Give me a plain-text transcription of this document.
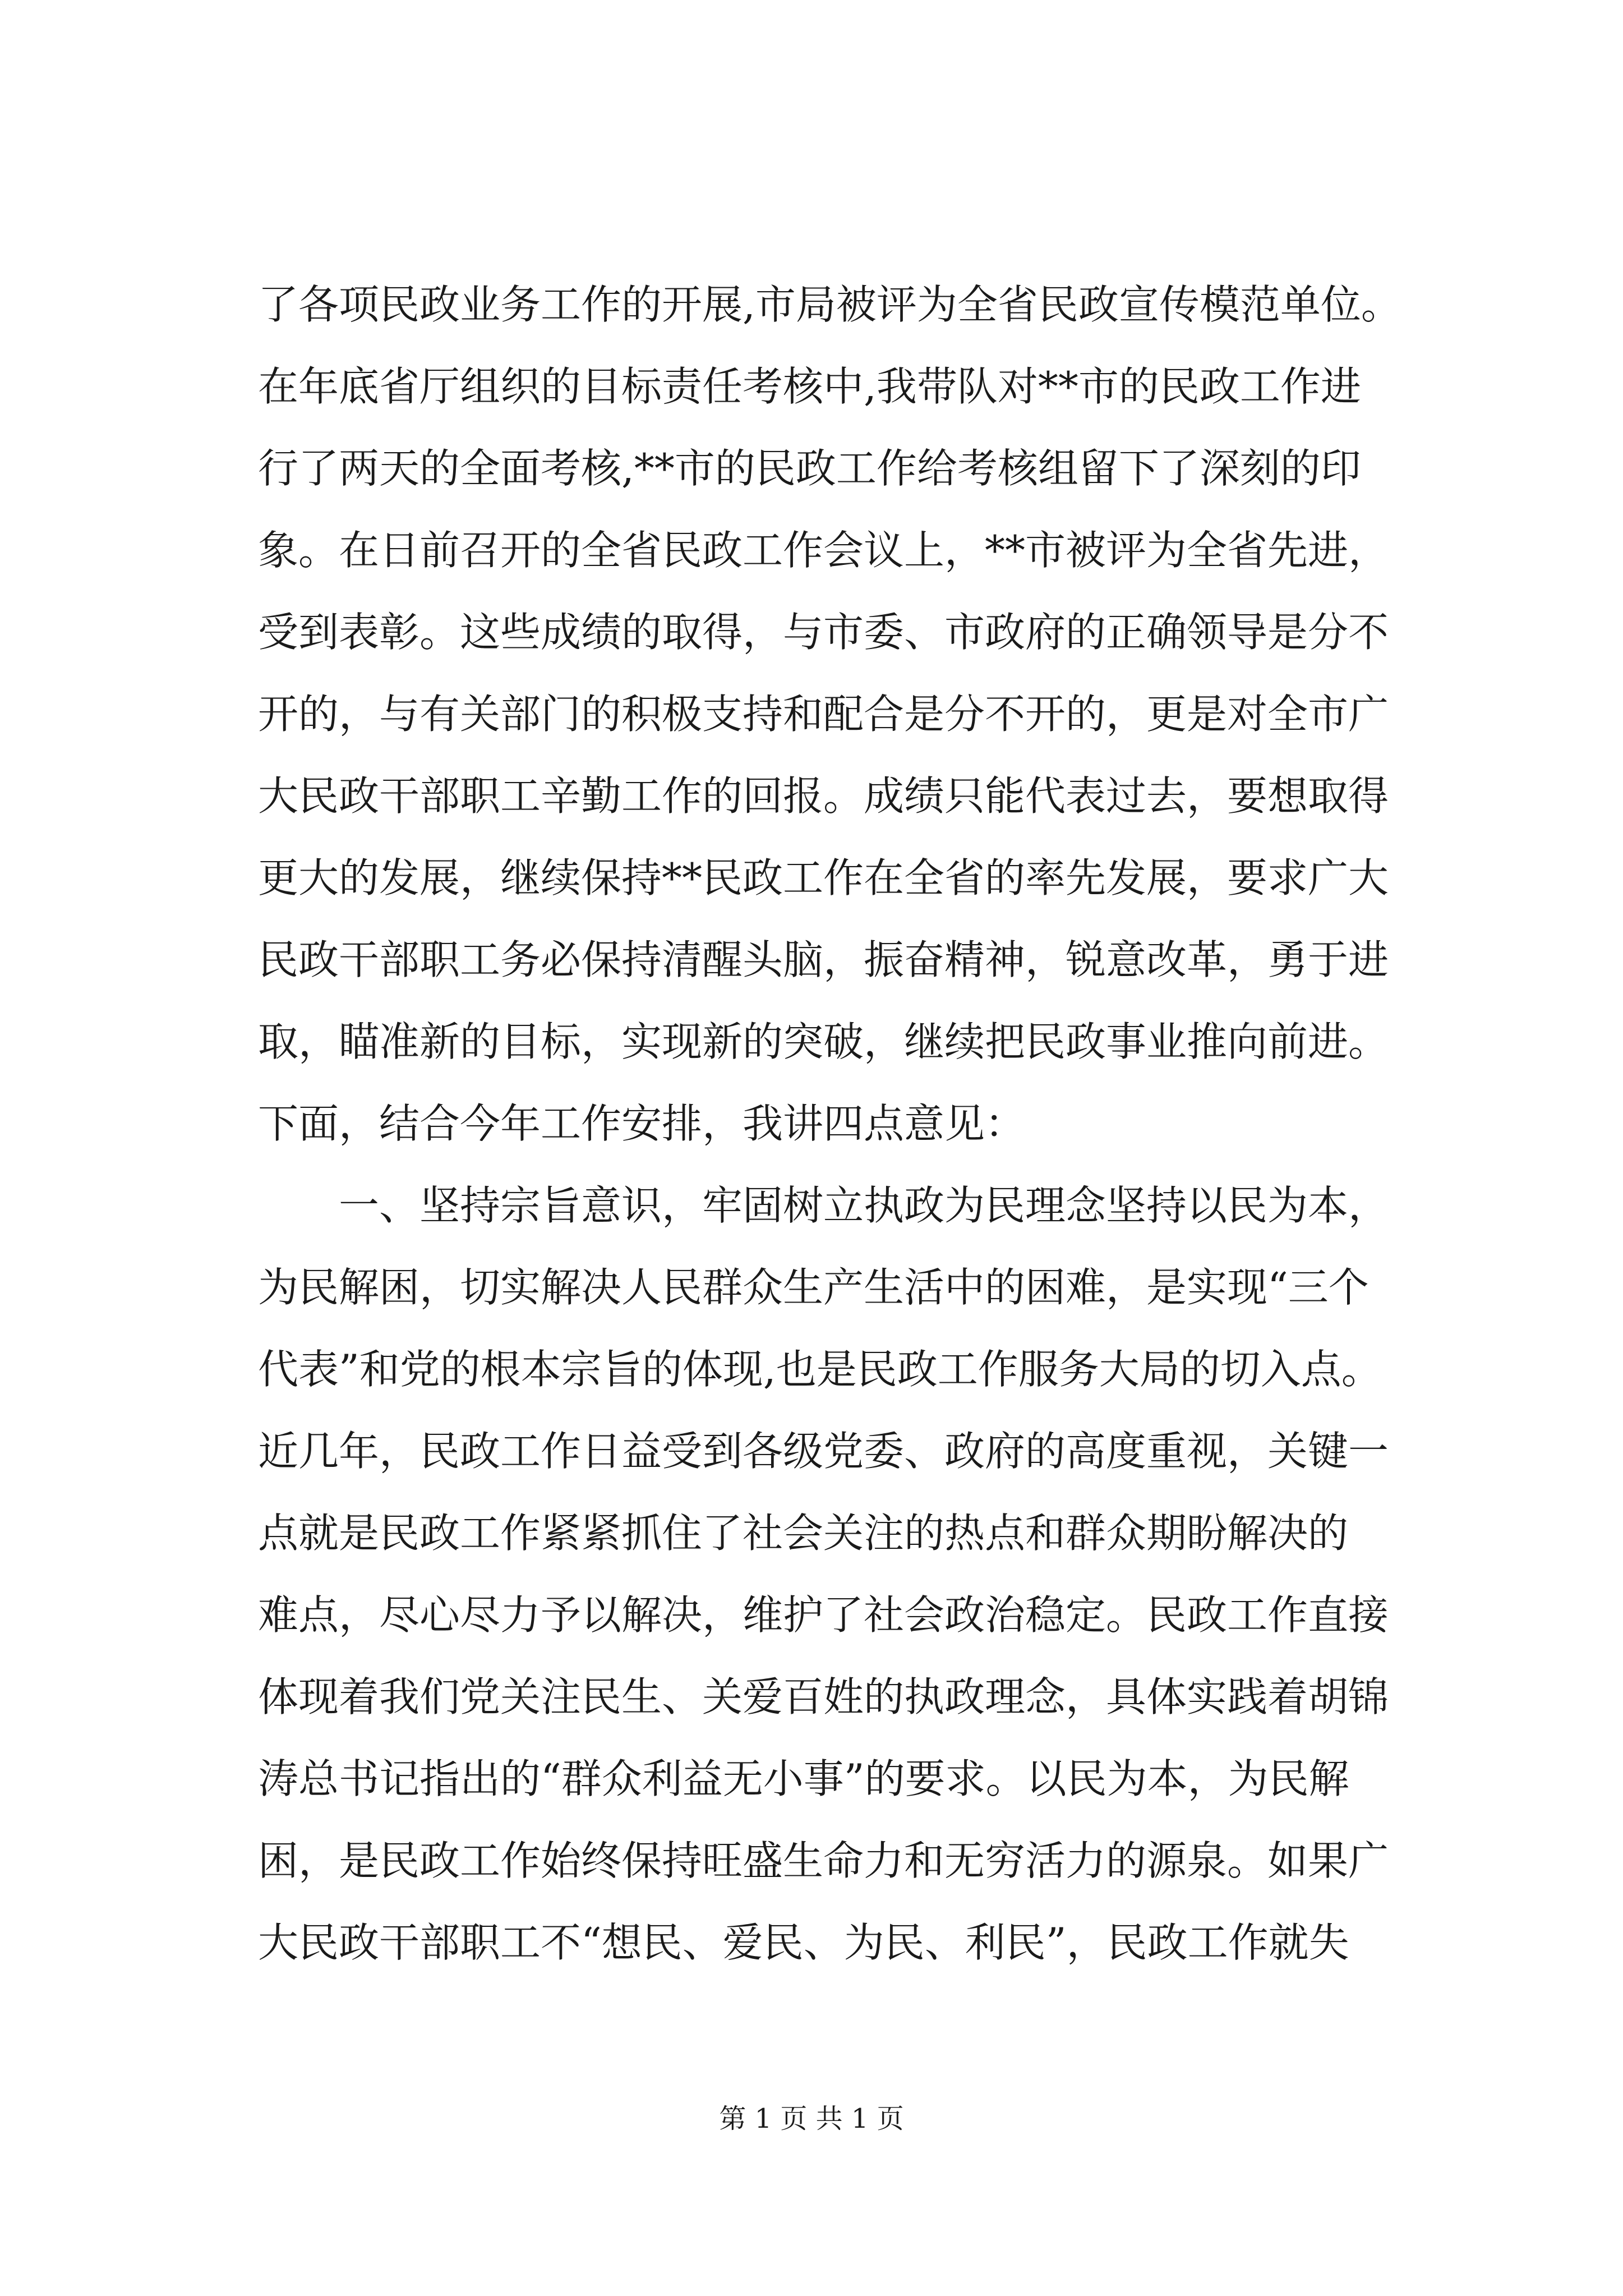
了各项民政业务工作的开展,市局被评为全省民政宣传模范单位。
在年底省厅组织的目标责任考核中,我带队对**市的民政工作进
行了两天的全面考核,**市的民政工作给考核组留下了深刻的印
象。在日前召开的全省民政工作会议上，**市被评为全省先进，
受到表彰。这些成绩的取得，与市委、市政府的正确领导是分不
开的，与有关部门的积极支持和配合是分不开的，更是对全市广
大民政干部职工辛勤工作的回报。成绩只能代表过去，要想取得
更大的发展，继续保持**民政工作在全省的率先发展，要求广大
民政干部职工务必保持清醒头脑，振奋精神，锐意改革，勇于进
取，瞄准新的目标，实现新的突破，继续把民政事业推向前进。
下面，结合今年工作安排，我讲四点意见：
一、坚持宗旨意识，牢固树立执政为民理念坚持以民为本，
为民解困，切实解决人民群众生产生活中的困难，是实现“三个
代表”和党的根本宗旨的体现,也是民政工作服务大局的切入点。
近几年，民政工作日益受到各级党委、政府的高度重视，关键一
点就是民政工作紧紧抓住了社会关注的热点和群众期盼解决的
难点，尽心尽力予以解决，维护了社会政治稳定。民政工作直接
体现着我们党关注民生、关爱百姓的执政理念，具体实践着胡锦
涛总书记指出的“群众利益无小事”的要求。以民为本，为民解
困，是民政工作始终保持旺盛生命力和无穷活力的源泉。如果广
大民政干部职工不“想民、爱民、为民、利民”，民政工作就失
第 1 页 共 1 页
